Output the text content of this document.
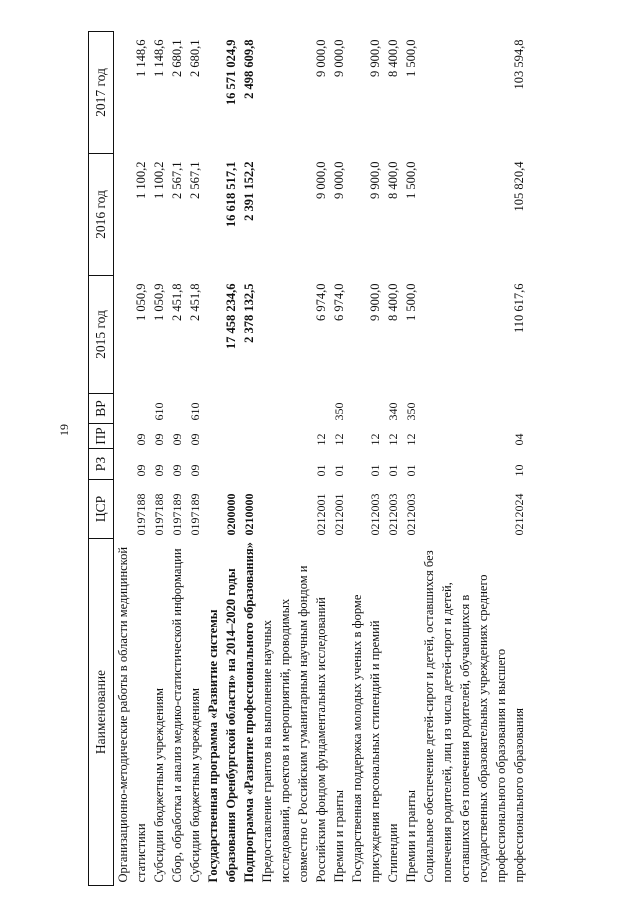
19
Наименование	ЦСР	РЗ	ПР	ВР	2015 год	2016 год	2017 год
Организационно-методические работы в области медицинской статистики	0197188	09	09		1 050,9	1 100,2	1 148,6
Субсидии бюджетным учреждениям	0197188	09	09	610	1 050,9	1 100,2	1 148,6
Сбор, обработка и анализ медико-статистической информации	0197189	09	09		2 451,8	2 567,1	2 680,1
Субсидии бюджетным учреждениям	0197189	09	09	610	2 451,8	2 567,1	2 680,1
Государственная программа «Развитие системы образования Оренбургской области» на 2014–2020 годы	0200000				17 458 234,6	16 618 517,1	16 571 024,9
Подпрограмма «Развитие профессионального образования»	0210000				2 378 132,5	2 391 152,2	2 498 609,8
Предоставление грантов на выполнение научных исследований, проектов и мероприятий, проводимых совместно с Российским гуманитарным научным фондом и Российским фондом фундаментальных исследований	0212001	01	12		6 974,0	9 000,0	9 000,0
Премии и гранты	0212001	01	12	350	6 974,0	9 000,0	9 000,0
Государственная поддержка молодых ученых в форме присуждения персональных стипендий и премий	0212003	01	12		9 900,0	9 900,0	9 900,0
Стипендии	0212003	01	12	340	8 400,0	8 400,0	8 400,0
Премии и гранты	0212003	01	12	350	1 500,0	1 500,0	1 500,0
Социальное обеспечение детей-сирот и детей, оставшихся без попечения родителей, лиц из числа детей-сирот и детей, оставшихся без попечения родителей, обучающихся в государственных образовательных учреждениях среднего профессионального образования и высшего профессионального образования	0212024	10	04		110 617,6	105 820,4	103 594,8
